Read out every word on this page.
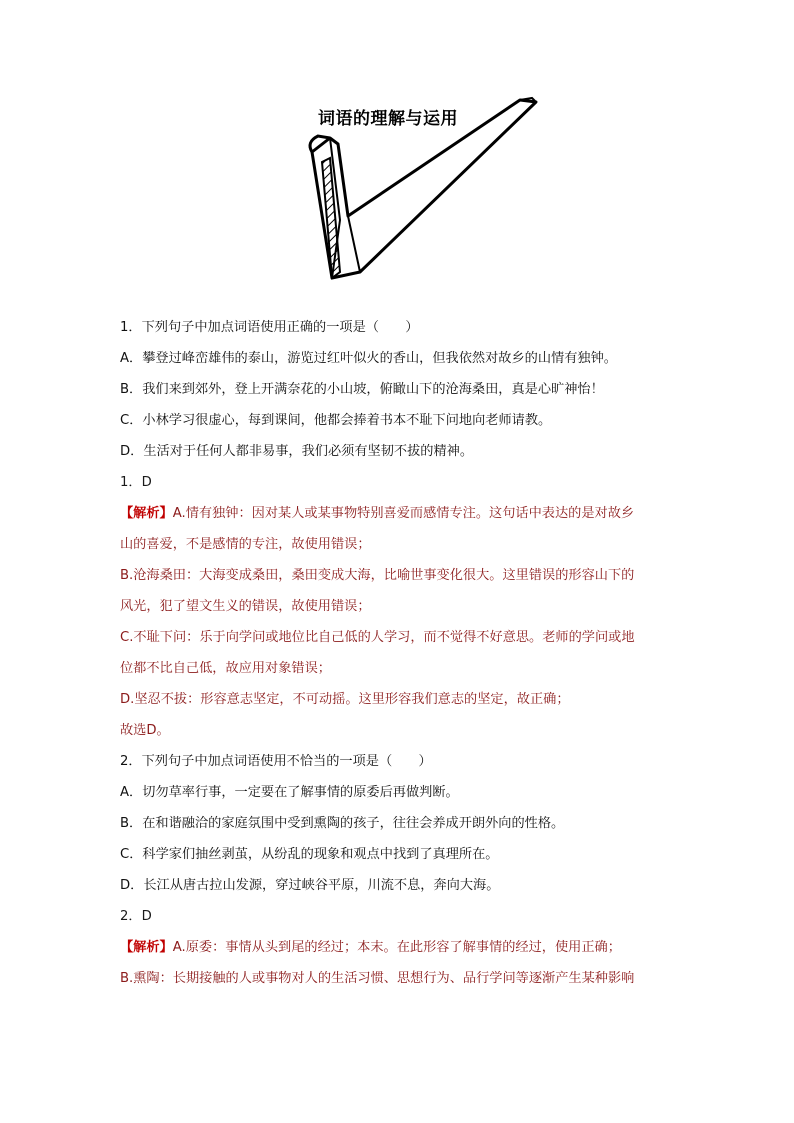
词语的理解与运用
1．下列句子中加点词语使用正确的一项是（　　）
A．攀登过峰峦雄伟的泰山，游览过红叶似火的香山，但我依然对故乡的山情有独钟。
B．我们来到郊外，登上开满奈花的小山坡，俯瞰山下的沧海桑田，真是心旷神怡！
C．小林学习很虚心，每到课间，他都会捧着书本不耻下问地向老师请教。
D．生活对于任何人都非易事，我们必须有坚韧不拔的精神。
1．D
【解析】A.情有独钟：因对某人或某事物特别喜爱而感情专注。这句话中表达的是对故乡
山的喜爱，不是感情的专注，故使用错误；
B.沧海桑田：大海变成桑田，桑田变成大海，比喻世事变化很大。这里错误的形容山下的
风光，犯了望文生义的错误，故使用错误；
C.不耻下问：乐于向学问或地位比自己低的人学习，而不觉得不好意思。老师的学问或地
位都不比自己低，故应用对象错误；
D.坚忍不拔：形容意志坚定，不可动摇。这里形容我们意志的坚定，故正确；
故选D。
2．下列句子中加点词语使用不恰当的一项是（　　）
A．切勿草率行事，一定要在了解事情的原委后再做判断。
B．在和谐融洽的家庭氛围中受到熏陶的孩子，往往会养成开朗外向的性格。
C．科学家们抽丝剥茧，从纷乱的现象和观点中找到了真理所在。
D．长江从唐古拉山发源，穿过峡谷平原，川流不息，奔向大海。
2．D
【解析】A.原委：事情从头到尾的经过；本末。在此形容了解事情的经过，使用正确；
B.熏陶：长期接触的人或事物对人的生活习惯、思想行为、品行学问等逐渐产生某种影响
